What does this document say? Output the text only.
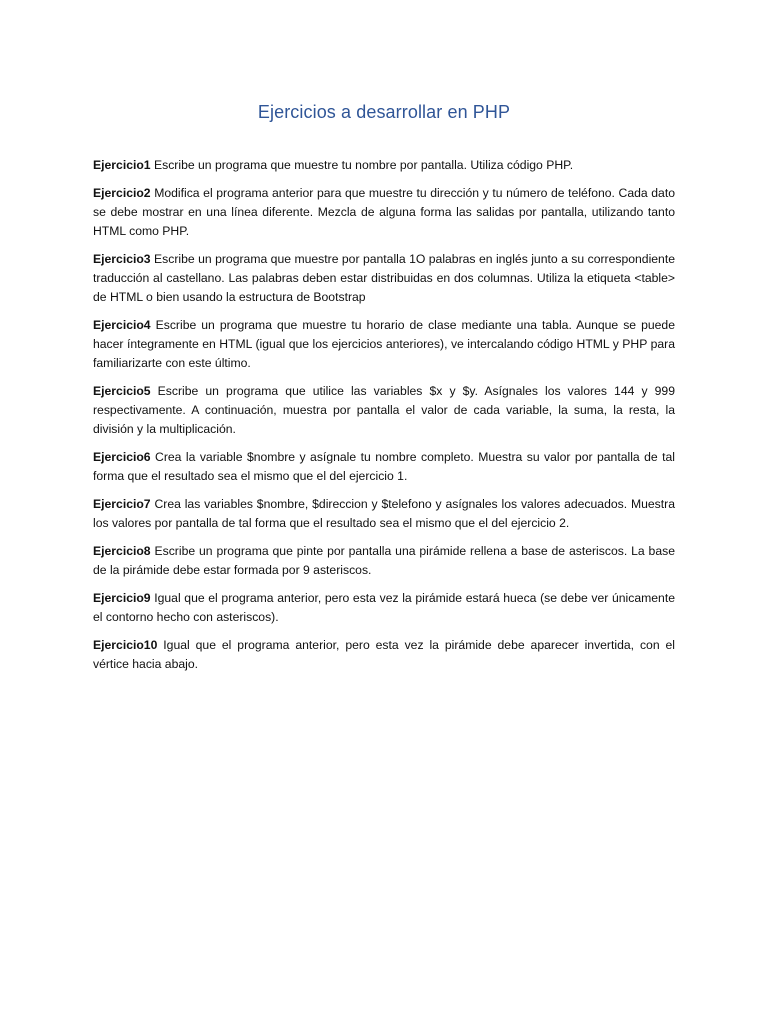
Ejercicios a desarrollar en PHP

Ejercicio1 Escribe un programa que muestre tu nombre por pantalla. Utiliza código PHP.

Ejercicio2 Modifica el programa anterior para que muestre tu dirección y tu número de teléfono. Cada dato se debe mostrar en una línea diferente. Mezcla de alguna forma las salidas por pantalla, utilizando tanto HTML como PHP.

Ejercicio3 Escribe un programa que muestre por pantalla 1O palabras en inglés junto a su correspondiente traducción al castellano. Las palabras deben estar distribuidas en dos columnas. Utiliza la etiqueta <table> de HTML o bien usando la estructura de Bootstrap

Ejercicio4 Escribe un programa que muestre tu horario de clase mediante una tabla. Aunque se puede hacer íntegramente en HTML (igual que los ejercicios anteriores), ve intercalando código HTML y PHP para familiarizarte con este último.

Ejercicio5 Escribe un programa que utilice las variables $x y $y. Asígnales los valores 144 y 999 respectivamente. A continuación, muestra por pantalla el valor de cada variable, la suma, la resta, la división y la multiplicación.

Ejercicio6 Crea la variable $nombre y asígnale tu nombre completo. Muestra su valor por pantalla de tal forma que el resultado sea el mismo que el del ejercicio 1.

Ejercicio7 Crea las variables $nombre, $direccion y $telefono y asígnales los valores adecuados. Muestra los valores por pantalla de tal forma que el resultado sea el mismo que el del ejercicio 2.

Ejercicio8 Escribe un programa que pinte por pantalla una pirámide rellena a base de asteriscos. La base de la pirámide debe estar formada por 9 asteriscos.

Ejercicio9 Igual que el programa anterior, pero esta vez la pirámide estará hueca (se debe ver únicamente el contorno hecho con asteriscos).

Ejercicio10 Igual que el programa anterior, pero esta vez la pirámide debe aparecer invertida, con el vértice hacia abajo.
